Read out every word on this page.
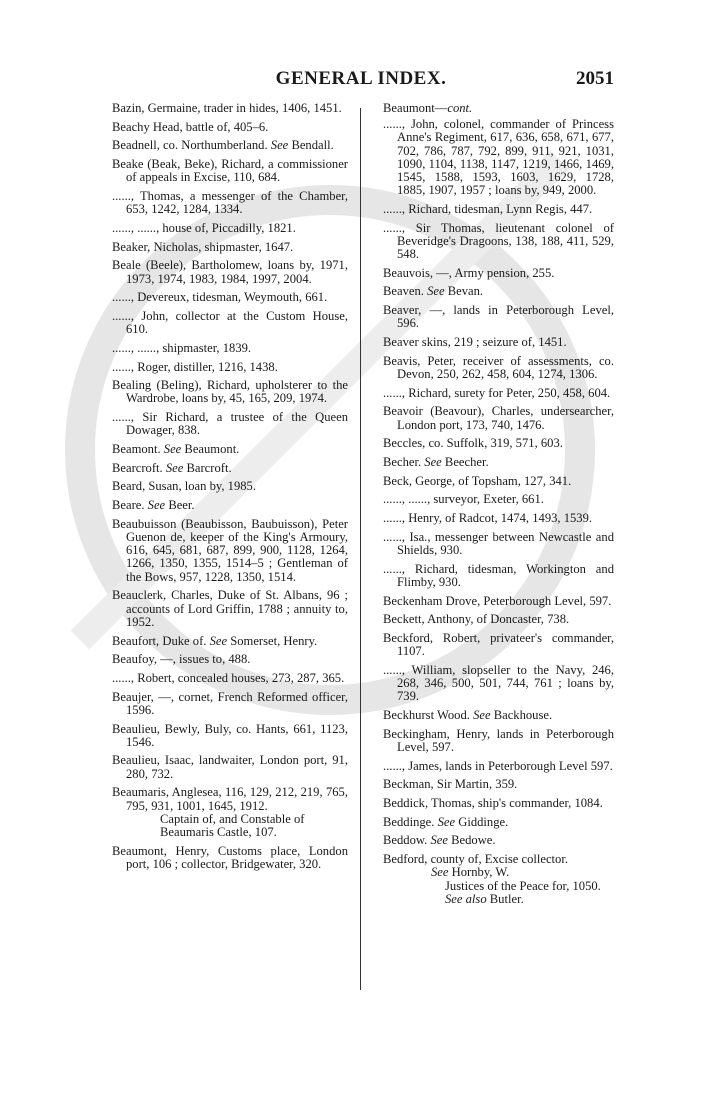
GENERAL INDEX.	2051
Bazin, Germaine, trader in hides, 1406, 1451.
Beachy Head, battle of, 405–6.
Beadnell, co. Northumberland. See Bendall.
Beake (Beak, Beke), Richard, a commissioner of appeals in Excise, 110, 684.
......, Thomas, a messenger of the Chamber, 653, 1242, 1284, 1334.
......, ......, house of, Piccadilly, 1821.
Beaker, Nicholas, shipmaster, 1647.
Beale (Beele), Bartholomew, loans by, 1971, 1973, 1974, 1983, 1984, 1997, 2004.
......, Devereux, tidesman, Weymouth, 661.
......, John, collector at the Custom House, 610.
......, ......, shipmaster, 1839.
......, Roger, distiller, 1216, 1438.
Bealing (Beling), Richard, upholsterer to the Wardrobe, loans by, 45, 165, 209, 1974.
......, Sir Richard, a trustee of the Queen Dowager, 838.
Beamont. See Beaumont.
Bearcroft. See Barcroft.
Beard, Susan, loan by, 1985.
Beare. See Beer.
Beaubuisson (Beaubisson, Baubuisson), Peter Guenon de, keeper of the King's Armoury, 616, 645, 681, 687, 899, 900, 1128, 1264, 1266, 1350, 1355, 1514–5 ; Gentleman of the Bows, 957, 1228, 1350, 1514.
Beauclerk, Charles, Duke of St. Albans, 96 ; accounts of Lord Griffin, 1788 ; annuity to, 1952.
Beaufort, Duke of. See Somerset, Henry.
Beaufoy, —, issues to, 488.
......, Robert, concealed houses, 273, 287, 365.
Beaujer, —, cornet, French Reformed officer, 1596.
Beaulieu, Bewly, Buly, co. Hants, 661, 1123, 1546.
Beaulieu, Isaac, landwaiter, London port, 91, 280, 732.
Beaumaris, Anglesea, 116, 129, 212, 219, 765, 795, 931, 1001, 1645, 1912.
Captain of, and Constable of Beaumaris Castle, 107.
Beaumont, Henry, Customs place, London port, 106 ; collector, Bridgewater, 320.
Beaumont—cont.
......, John, colonel, commander of Princess Anne's Regiment, 617, 636, 658, 671, 677, 702, 786, 787, 792, 899, 911, 921, 1031, 1090, 1104, 1138, 1147, 1219, 1466, 1469, 1545, 1588, 1593, 1603, 1629, 1728, 1885, 1907, 1957 ; loans by, 949, 2000.
......, Richard, tidesman, Lynn Regis, 447.
......, Sir Thomas, lieutenant colonel of Beveridge's Dragoons, 138, 188, 411, 529, 548.
Beauvois, —, Army pension, 255.
Beaven. See Bevan.
Beaver, —, lands in Peterborough Level, 596.
Beaver skins, 219 ; seizure of, 1451.
Beavis, Peter, receiver of assessments, co. Devon, 250, 262, 458, 604, 1274, 1306.
......, Richard, surety for Peter, 250, 458, 604.
Beavoir (Beavour), Charles, undersearcher, London port, 173, 740, 1476.
Beccles, co. Suffolk, 319, 571, 603.
Becher. See Beecher.
Beck, George, of Topsham, 127, 341.
......, ......, surveyor, Exeter, 661.
......, Henry, of Radcot, 1474, 1493, 1539.
......, Isa., messenger between Newcastle and Shields, 930.
......, Richard, tidesman, Workington and Flimby, 930.
Beckenham Drove, Peterborough Level, 597.
Beckett, Anthony, of Doncaster, 738.
Beckford, Robert, privateer's commander, 1107.
......, William, slopseller to the Navy, 246, 268, 346, 500, 501, 744, 761 ; loans by, 739.
Beckhurst Wood. See Backhouse.
Beckingham, Henry, lands in Peterborough Level, 597.
......, James, lands in Peterborough Level 597.
Beckman, Sir Martin, 359.
Beddick, Thomas, ship's commander, 1084.
Beddinge. See Giddinge.
Beddow. See Bedowe.
Bedford, county of, Excise collector.
See Hornby, W.
Justices of the Peace for, 1050.
See also Butler.
